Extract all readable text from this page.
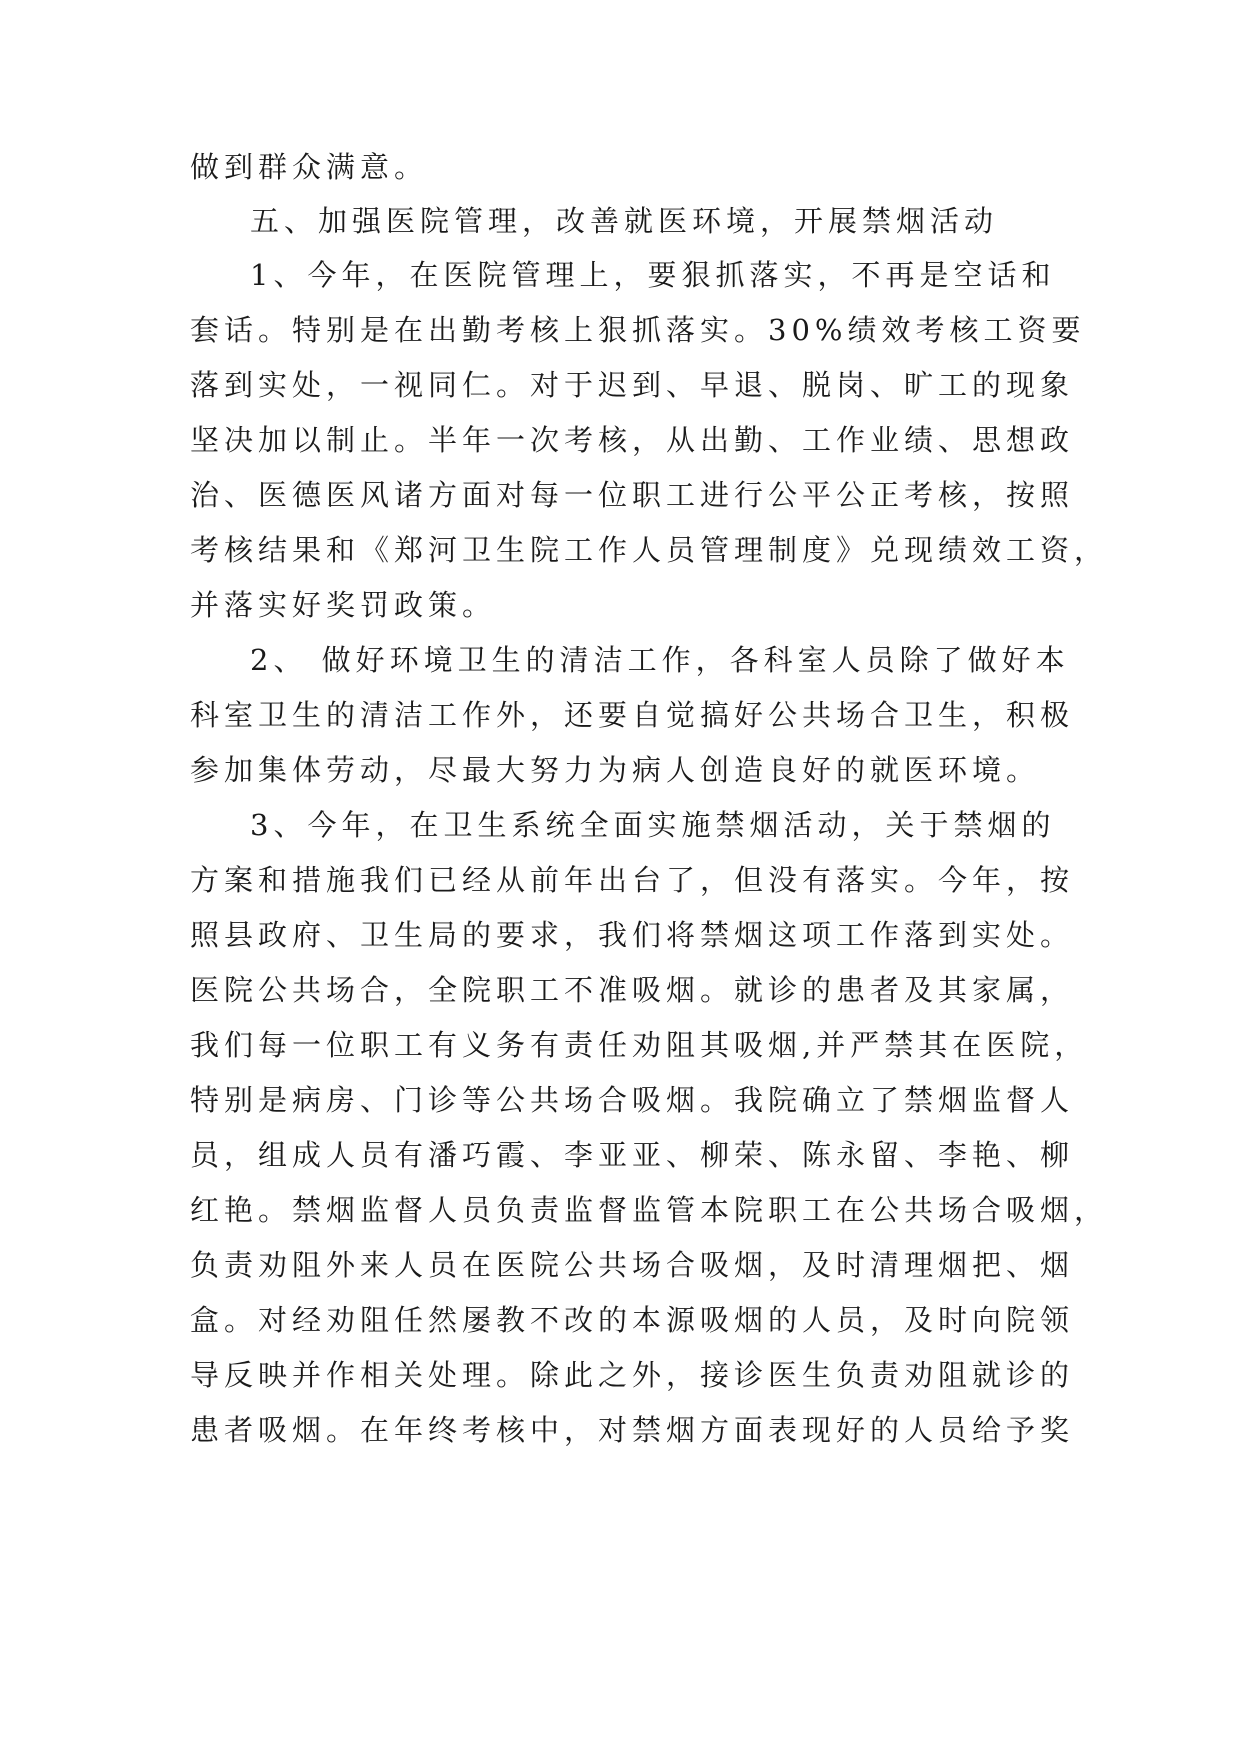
做到群众满意。
五、加强医院管理，改善就医环境，开展禁烟活动
1、今年，在医院管理上，要狠抓落实，不再是空话和
套话。特别是在出勤考核上狠抓落实。30%绩效考核工资要
落到实处，一视同仁。对于迟到、早退、脱岗、旷工的现象
坚决加以制止。半年一次考核，从出勤、工作业绩、思想政
治、医德医风诸方面对每一位职工进行公平公正考核，按照
考核结果和《郑河卫生院工作人员管理制度》兑现绩效工资，
并落实好奖罚政策。
2、 做好环境卫生的清洁工作，各科室人员除了做好本
科室卫生的清洁工作外，还要自觉搞好公共场合卫生，积极
参加集体劳动，尽最大努力为病人创造良好的就医环境。
3、今年，在卫生系统全面实施禁烟活动，关于禁烟的
方案和措施我们已经从前年出台了，但没有落实。今年，按
照县政府、卫生局的要求，我们将禁烟这项工作落到实处。
医院公共场合，全院职工不准吸烟。就诊的患者及其家属，
我们每一位职工有义务有责任劝阻其吸烟,并严禁其在医院，
特别是病房、门诊等公共场合吸烟。我院确立了禁烟监督人
员，组成人员有潘巧霞、李亚亚、柳荣、陈永留、李艳、柳
红艳。禁烟监督人员负责监督监管本院职工在公共场合吸烟，
负责劝阻外来人员在医院公共场合吸烟，及时清理烟把、烟
盒。对经劝阻任然屡教不改的本源吸烟的人员，及时向院领
导反映并作相关处理。除此之外，接诊医生负责劝阻就诊的
患者吸烟。在年终考核中，对禁烟方面表现好的人员给予奖
